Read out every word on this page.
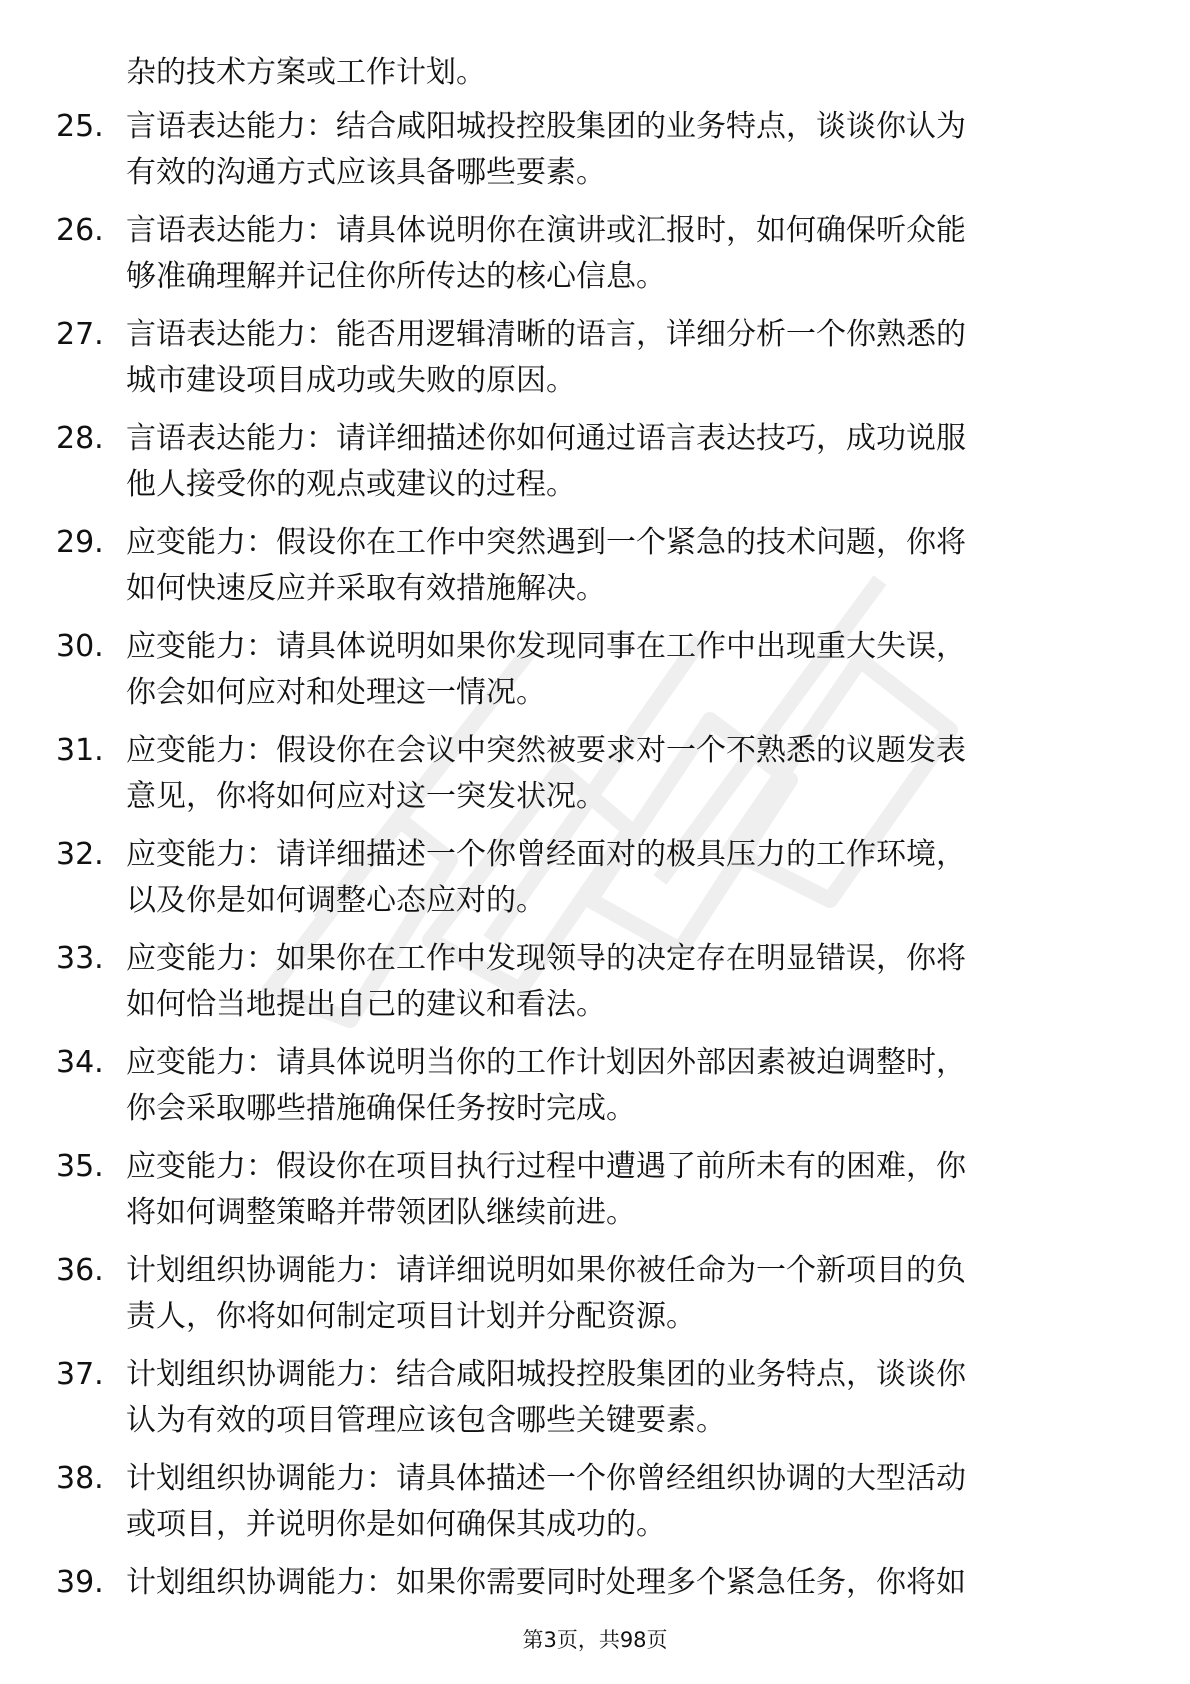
杂的技术方案或工作计划。
25. 言语表达能力：结合咸阳城投控股集团的业务特点，谈谈你认为
有效的沟通方式应该具备哪些要素。
26. 言语表达能力：请具体说明你在演讲或汇报时，如何确保听众能
够准确理解并记住你所传达的核心信息。
27. 言语表达能力：能否用逻辑清晰的语言，详细分析一个你熟悉的
城市建设项目成功或失败的原因。
28. 言语表达能力：请详细描述你如何通过语言表达技巧，成功说服
他人接受你的观点或建议的过程。
29. 应变能力：假设你在工作中突然遇到一个紧急的技术问题，你将
如何快速反应并采取有效措施解决。
30. 应变能力：请具体说明如果你发现同事在工作中出现重大失误，
你会如何应对和处理这一情况。
31. 应变能力：假设你在会议中突然被要求对一个不熟悉的议题发表
意见，你将如何应对这一突发状况。
32. 应变能力：请详细描述一个你曾经面对的极具压力的工作环境，
以及你是如何调整心态应对的。
33. 应变能力：如果你在工作中发现领导的决定存在明显错误，你将
如何恰当地提出自己的建议和看法。
34. 应变能力：请具体说明当你的工作计划因外部因素被迫调整时，
你会采取哪些措施确保任务按时完成。
35. 应变能力：假设你在项目执行过程中遭遇了前所未有的困难，你
将如何调整策略并带领团队继续前进。
36. 计划组织协调能力：请详细说明如果你被任命为一个新项目的负
责人，你将如何制定项目计划并分配资源。
37. 计划组织协调能力：结合咸阳城投控股集团的业务特点，谈谈你
认为有效的项目管理应该包含哪些关键要素。
38. 计划组织协调能力：请具体描述一个你曾经组织协调的大型活动
或项目，并说明你是如何确保其成功的。
39. 计划组织协调能力：如果你需要同时处理多个紧急任务，你将如
第3页，共98页
